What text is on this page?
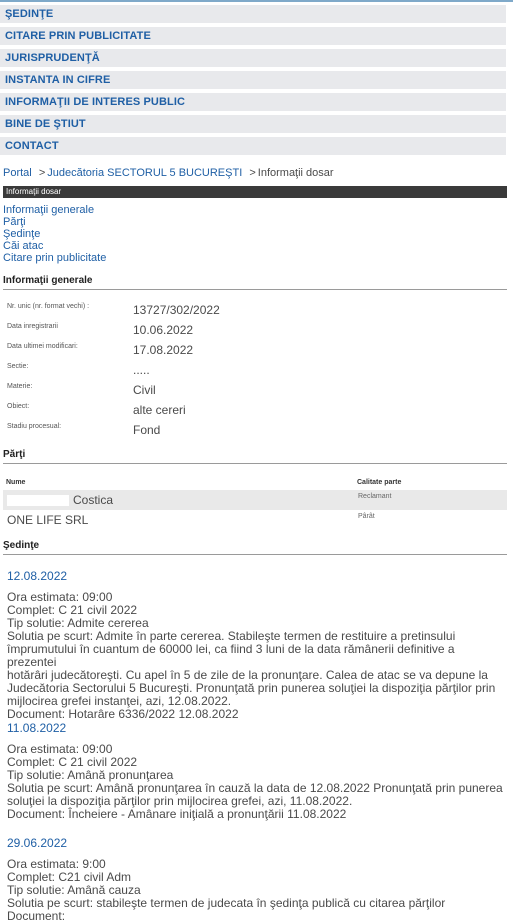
ŞEDINŢE
CITARE PRIN PUBLICITATE
JURISPRUDENŢĂ
INSTANTA IN CIFRE
INFORMAŢII DE INTERES PUBLIC
BINE DE ŞTIUT
CONTACT
Portal > Judecătoria SECTORUL 5 BUCUREŞTI > Informaţii dosar
Informaţii dosar
Informaţii generale
Părţi
Şedinţe
Căi atac
Citare prin publicitate
Informaţii generale
Nr. unic (nr. format vechi) :	13727/302/2022
Data inregistrarii	10.06.2022
Data ultimei modificari:	17.08.2022
Sectie:	.....
Materie:	Civil
Obiect:	alte cereri
Stadiu procesual:	Fond
Părţi
Nume	Calitate parte
Costica	Reclamant
ONE LIFE SRL	Pârât
Şedinţe
12.08.2022
Ora estimata: 09:00
Complet: C 21 civil 2022
Tip solutie: Admite cererea
Solutia pe scurt: Admite în parte cererea. Stabileşte termen de restituire a pretinsului
împrumutului în cuantum de 60000 lei, ca fiind 3 luni de la data rămânerii definitive a prezentei
hotărâri judecătoreşti. Cu apel în 5 de zile de la pronunţare. Calea de atac se va depune la
Judecătoria Sectorului 5 Bucureşti. Pronunţată prin punerea soluţiei la dispoziţia părţilor prin
mijlocirea grefei instanţei, azi, 12.08.2022.
Document: Hotarâre 6336/2022 12.08.2022
11.08.2022
Ora estimata: 09:00
Complet: C 21 civil 2022
Tip solutie: Amână pronunţarea
Solutia pe scurt: Amână pronunţarea în cauză la data de 12.08.2022 Pronunţată prin punerea
soluţiei la dispoziţia părţilor prin mijlocirea grefei, azi, 11.08.2022.
Document: Încheiere - Amânare iniţială a pronunţării 11.08.2022
29.06.2022
Ora estimata: 9:00
Complet: C21 civil Adm
Tip solutie: Amână cauza
Solutia pe scurt: stabileşte termen de judecata în şedinţa publică cu citarea părţilor
Document:
